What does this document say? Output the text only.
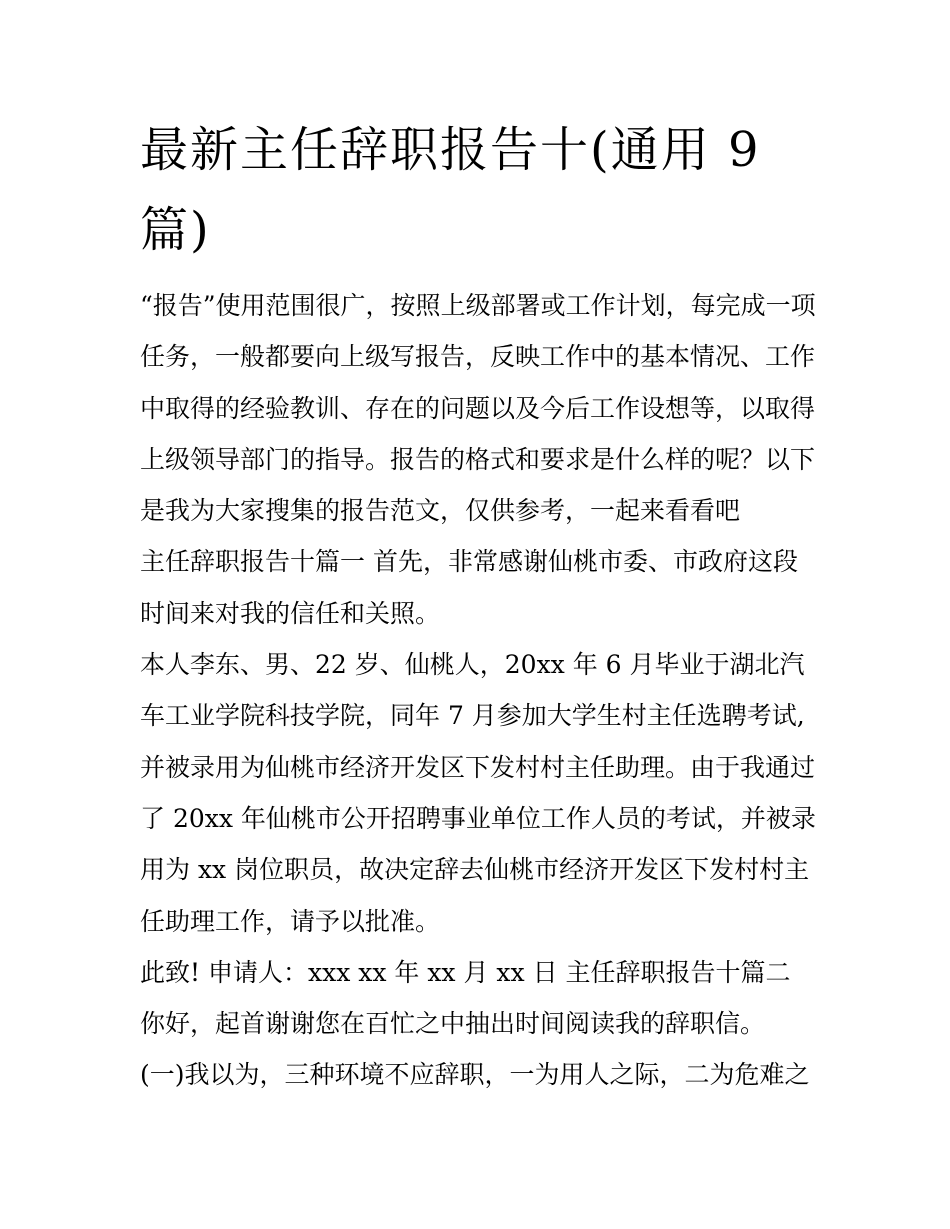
最新主任辞职报告十(通用 9 篇)

“报告”使用范围很广，按照上级部署或工作计划，每完成一项任务，一般都要向上级写报告，反映工作中的基本情况、工作中取得的经验教训、存在的问题以及今后工作设想等，以取得上级领导部门的指导。报告的格式和要求是什么样的呢？以下是我为大家搜集的报告范文，仅供参考，一起来看看吧

主任辞职报告十篇一 首先，非常感谢仙桃市委、市政府这段时间来对我的信任和关照。

本人李东、男、22 岁、仙桃人，20xx 年 6 月毕业于湖北汽车工业学院科技学院，同年 7 月参加大学生村主任选聘考试,并被录用为仙桃市经济开发区下发村村主任助理。由于我通过了 20xx 年仙桃市公开招聘事业单位工作人员的考试，并被录用为 xx 岗位职员，故决定辞去仙桃市经济开发区下发村村主任助理工作，请予以批准。

此致! 申请人：xxx xx 年 xx 月 xx 日 主任辞职报告十篇二 你好，起首谢谢您在百忙之中抽出时间阅读我的辞职信。

(一)我以为，三种环境不应辞职，一为用人之际，二为危难之
